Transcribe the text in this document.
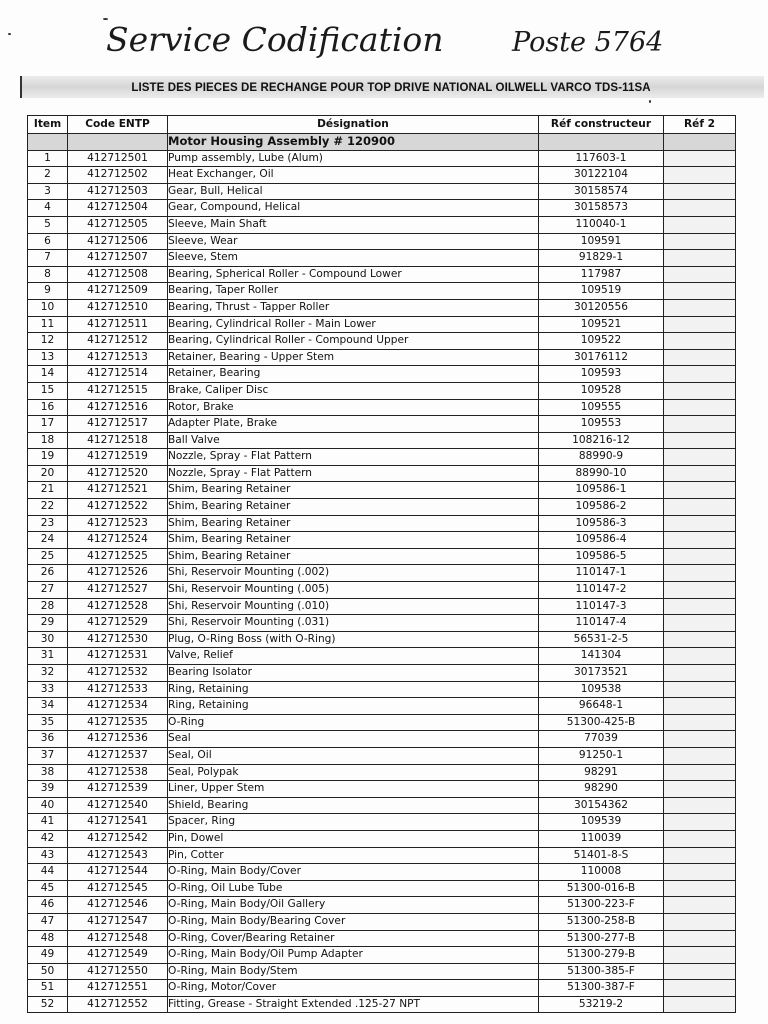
Service Codification	Poste 5764
LISTE DES PIECES DE RECHANGE POUR TOP DRIVE NATIONAL OILWELL VARCO TDS-11SA
Item	Code ENTP	Désignation	Réf constructeur	Réf 2
		Motor Housing Assembly # 120900		
1	412712501	Pump assembly, Lube (Alum)	117603-1	
2	412712502	Heat Exchanger, Oil	30122104	
3	412712503	Gear, Bull, Helical	30158574	
4	412712504	Gear, Compound, Helical	30158573	
5	412712505	Sleeve, Main Shaft	110040-1	
6	412712506	Sleeve, Wear	109591	
7	412712507	Sleeve, Stem	91829-1	
8	412712508	Bearing, Spherical Roller - Compound Lower	117987	
9	412712509	Bearing, Taper Roller	109519	
10	412712510	Bearing, Thrust - Tapper Roller	30120556	
11	412712511	Bearing, Cylindrical Roller - Main Lower	109521	
12	412712512	Bearing, Cylindrical Roller - Compound Upper	109522	
13	412712513	Retainer, Bearing - Upper Stem	30176112	
14	412712514	Retainer, Bearing	109593	
15	412712515	Brake, Caliper Disc	109528	
16	412712516	Rotor, Brake	109555	
17	412712517	Adapter Plate, Brake	109553	
18	412712518	Ball Valve	108216-12	
19	412712519	Nozzle, Spray - Flat Pattern	88990-9	
20	412712520	Nozzle, Spray - Flat Pattern	88990-10	
21	412712521	Shim, Bearing Retainer	109586-1	
22	412712522	Shim, Bearing Retainer	109586-2	
23	412712523	Shim, Bearing Retainer	109586-3	
24	412712524	Shim, Bearing Retainer	109586-4	
25	412712525	Shim, Bearing Retainer	109586-5	
26	412712526	Shi, Reservoir Mounting (.002)	110147-1	
27	412712527	Shi, Reservoir Mounting (.005)	110147-2	
28	412712528	Shi, Reservoir Mounting (.010)	110147-3	
29	412712529	Shi, Reservoir Mounting (.031)	110147-4	
30	412712530	Plug, O-Ring Boss (with O-Ring)	56531-2-5	
31	412712531	Valve, Relief	141304	
32	412712532	Bearing Isolator	30173521	
33	412712533	Ring, Retaining	109538	
34	412712534	Ring, Retaining	96648-1	
35	412712535	O-Ring	51300-425-B	
36	412712536	Seal	77039	
37	412712537	Seal, Oil	91250-1	
38	412712538	Seal, Polypak	98291	
39	412712539	Liner, Upper Stem	98290	
40	412712540	Shield, Bearing	30154362	
41	412712541	Spacer, Ring	109539	
42	412712542	Pin, Dowel	110039	
43	412712543	Pin, Cotter	51401-8-S	
44	412712544	O-Ring, Main Body/Cover	110008	
45	412712545	O-Ring, Oil Lube Tube	51300-016-B	
46	412712546	O-Ring, Main Body/Oil Gallery	51300-223-F	
47	412712547	O-Ring, Main Body/Bearing Cover	51300-258-B	
48	412712548	O-Ring, Cover/Bearing Retainer	51300-277-B	
49	412712549	O-Ring, Main Body/Oil Pump Adapter	51300-279-B	
50	412712550	O-Ring, Main Body/Stem	51300-385-F	
51	412712551	O-Ring, Motor/Cover	51300-387-F	
52	412712552	Fitting, Grease - Straight Extended .125-27 NPT	53219-2	
